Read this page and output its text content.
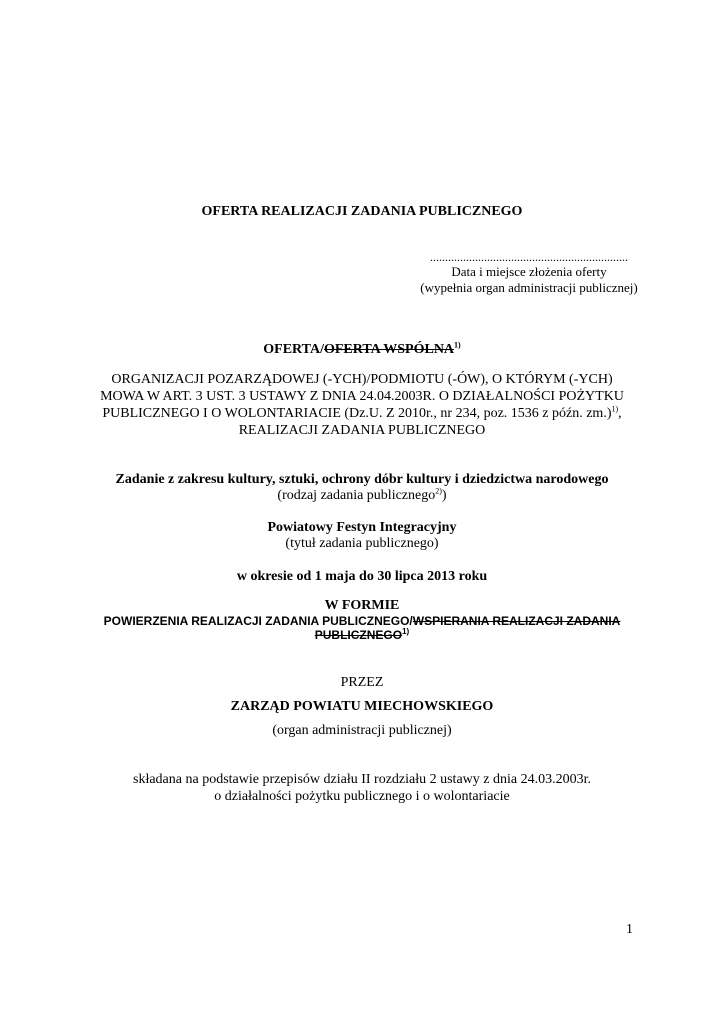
OFERTA REALIZACJI ZADANIA PUBLICZNEGO
..................................................................
Data i miejsce złożenia oferty
(wypełnia organ administracji publicznej)
OFERTA/OFERTA WSPÓLNA$^{1)}$
ORGANIZACJI POZARZĄDOWEJ (-YCH)/PODMIOTU (-ÓW), O KTÓRYM (-YCH)
MOWA W ART. 3 UST. 3 USTAWY Z DNIA 24.04.2003R. O DZIAŁALNOŚCI POŻYTKU
PUBLICZNEGO I O WOLONTARIACIE (Dz.U. Z 2010r., nr 234, poz. 1536 z późn. zm.)$^{1)}$,
REALIZACJI ZADANIA PUBLICZNEGO
Zadanie z zakresu kultury, sztuki, ochrony dóbr kultury i dziedzictwa narodowego
(rodzaj zadania publicznego$^{2)}$)
Powiatowy Festyn Integracyjny
(tytuł zadania publicznego)
w okresie od 1 maja do 30 lipca 2013 roku
W FORMIE
POWIERZENIA REALIZACJI ZADANIA PUBLICZNEGO/WSPIERANIA REALIZACJI ZADANIA
PUBLICZNEGO$^{1)}$
PRZEZ
ZARZĄD POWIATU MIECHOWSKIEGO
(organ administracji publicznej)
składana na podstawie przepisów działu II rozdziału 2 ustawy z dnia 24.03.2003r.
o działalności pożytku publicznego i o wolontariacie
1
